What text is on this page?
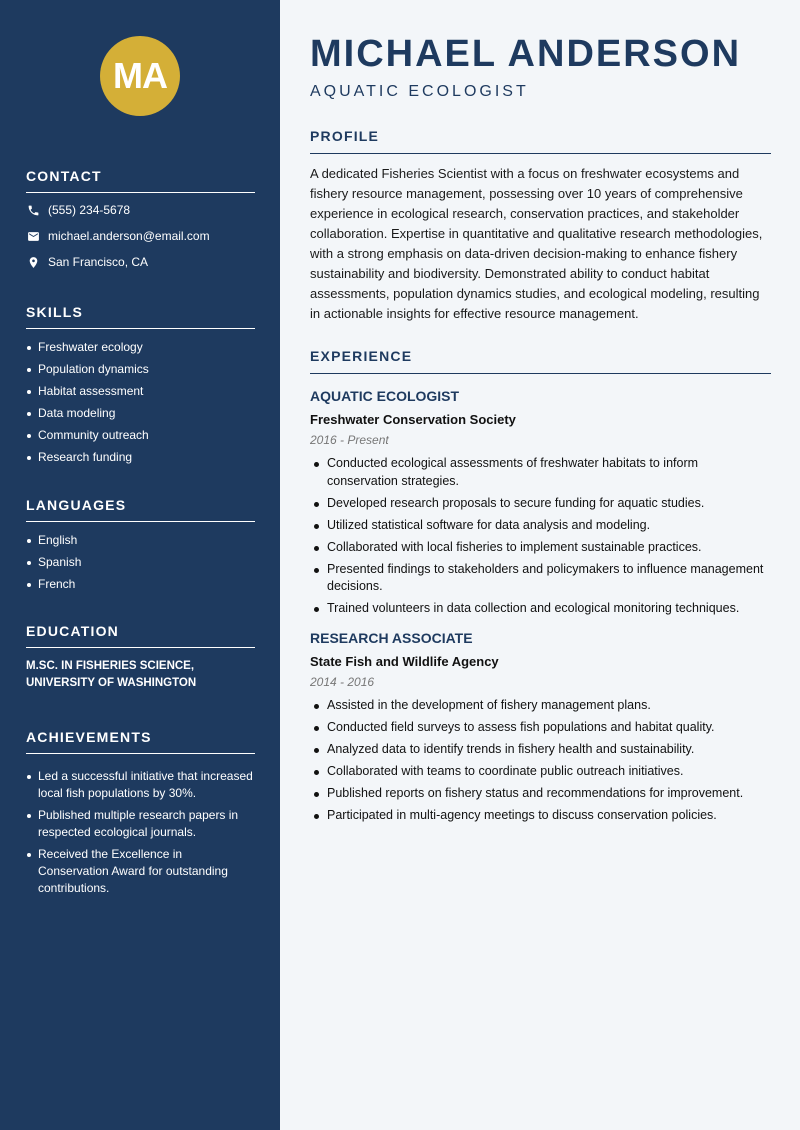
MA
CONTACT
(555) 234-5678
michael.anderson@email.com
San Francisco, CA
SKILLS
Freshwater ecology
Population dynamics
Habitat assessment
Data modeling
Community outreach
Research funding
LANGUAGES
English
Spanish
French
EDUCATION
M.SC. IN FISHERIES SCIENCE, UNIVERSITY OF WASHINGTON
ACHIEVEMENTS
Led a successful initiative that increased local fish populations by 30%.
Published multiple research papers in respected ecological journals.
Received the Excellence in Conservation Award for outstanding contributions.
MICHAEL ANDERSON
AQUATIC ECOLOGIST
PROFILE

A dedicated Fisheries Scientist with a focus on freshwater ecosystems and fishery resource management, possessing over 10 years of comprehensive experience in ecological research, conservation practices, and stakeholder collaboration. Expertise in quantitative and qualitative research methodologies, with a strong emphasis on data-driven decision-making to enhance fishery sustainability and biodiversity. Demonstrated ability to conduct habitat assessments, population dynamics studies, and ecological modeling, resulting in actionable insights for effective resource management.

EXPERIENCE
AQUATIC ECOLOGIST
Freshwater Conservation Society
2016 - Present
Conducted ecological assessments of freshwater habitats to inform conservation strategies.
Developed research proposals to secure funding for aquatic studies.
Utilized statistical software for data analysis and modeling.
Collaborated with local fisheries to implement sustainable practices.
Presented findings to stakeholders and policymakers to influence management decisions.
Trained volunteers in data collection and ecological monitoring techniques.
RESEARCH ASSOCIATE
State Fish and Wildlife Agency
2014 - 2016
Assisted in the development of fishery management plans.
Conducted field surveys to assess fish populations and habitat quality.
Analyzed data to identify trends in fishery health and sustainability.
Collaborated with teams to coordinate public outreach initiatives.
Published reports on fishery status and recommendations for improvement.
Participated in multi-agency meetings to discuss conservation policies.
